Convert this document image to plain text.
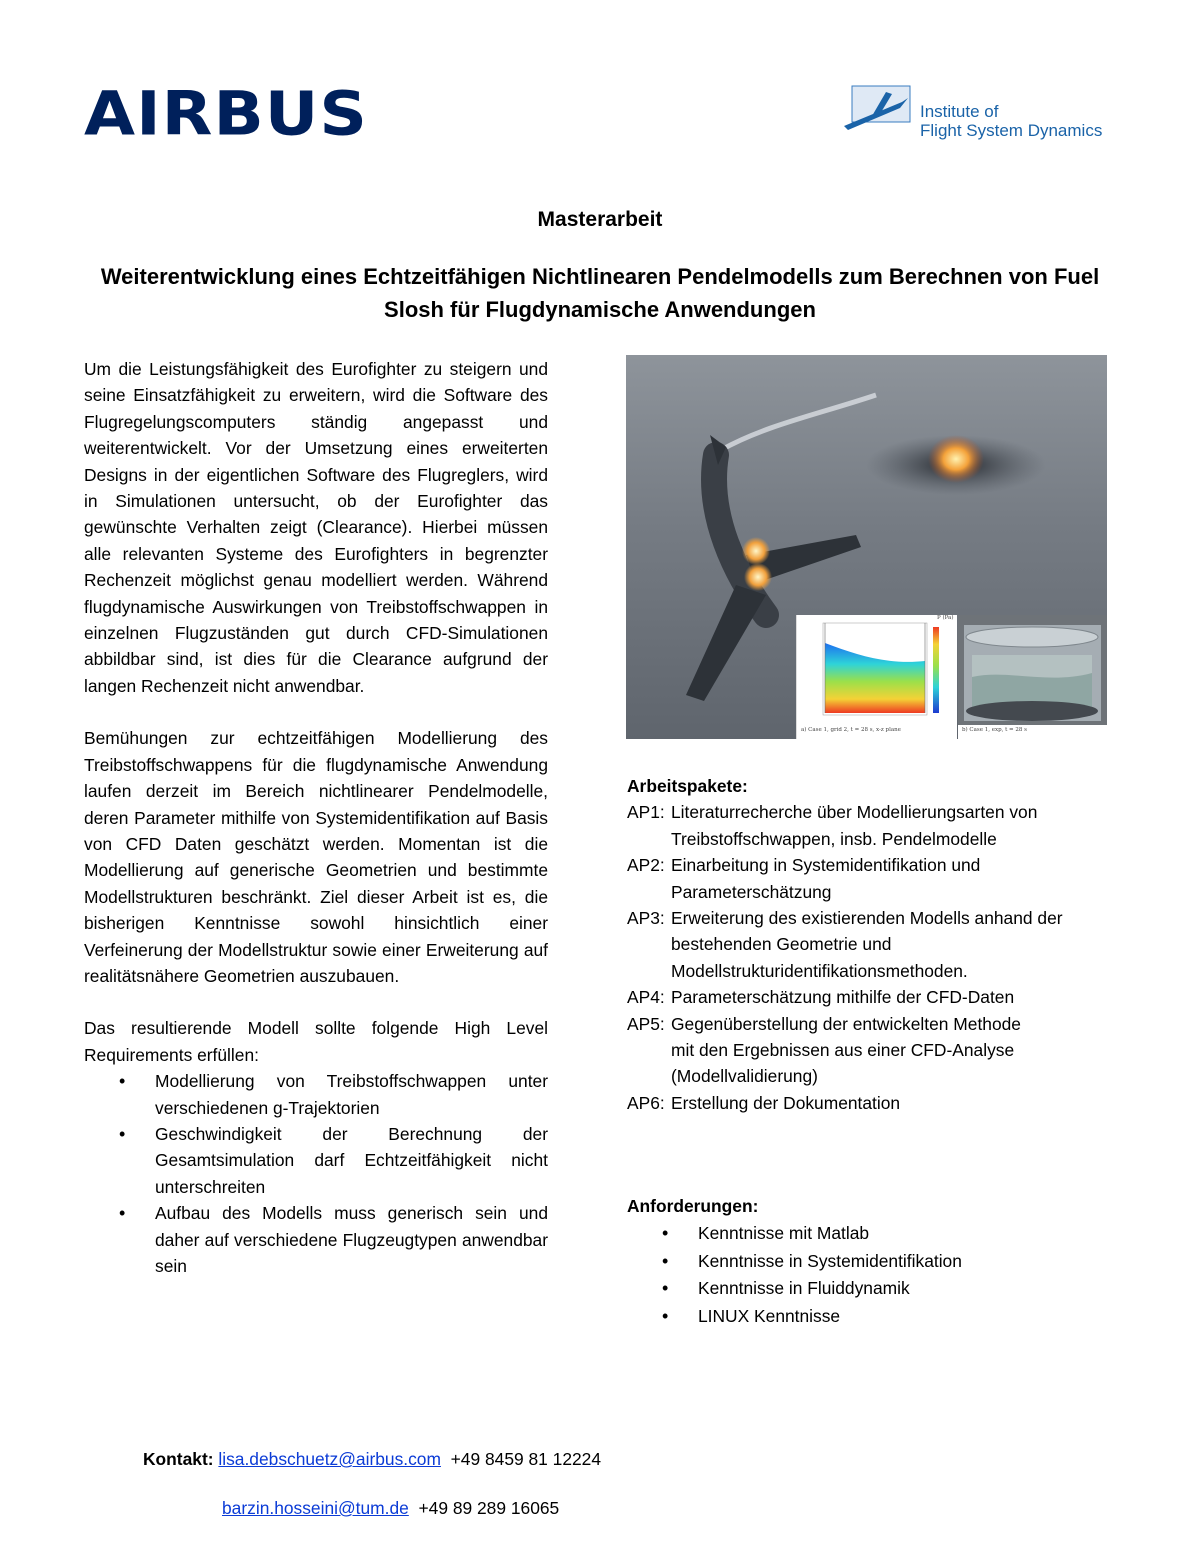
AIRBUS	Institute of
Flight System Dynamics
Masterarbeit
Weiterentwicklung eines Echtzeitfähigen Nichtlinearen Pendelmodells zum Berechnen von Fuel Slosh für Flugdynamische Anwendungen

Um die Leistungsfähigkeit des Eurofighter zu steigern und seine Einsatzfähigkeit zu erweitern, wird die Software des Flugregelungscomputers ständig angepasst und weiterentwickelt. Vor der Umsetzung eines erweiterten Designs in der eigentlichen Software des Flugreglers, wird in Simulationen untersucht, ob der Eurofighter das gewünschte Verhalten zeigt (Clearance). Hierbei müssen alle relevanten Systeme des Eurofighters in begrenzter Rechenzeit möglichst genau modelliert werden. Während flugdynamische Auswirkungen von Treibstoffschwappen in einzelnen Flugzuständen gut durch CFD-Simulationen abbildbar sind, ist dies für die Clearance aufgrund der langen Rechenzeit nicht anwendbar.

Bemühungen zur echtzeitfähigen Modellierung des Treibstoffschwappens für die flugdynamische Anwendung laufen derzeit im Bereich nichtlinearer Pendelmodelle, deren Parameter mithilfe von Systemidentifikation auf Basis von CFD Daten geschätzt werden. Momentan ist die Modellierung auf generische Geometrien und bestimmte Modellstrukturen beschränkt. Ziel dieser Arbeit ist es, die bisherigen Kenntnisse sowohl hinsichtlich einer Verfeinerung der Modellstruktur sowie einer Erweiterung auf realitätsnähere Geometrien auszubauen.

Das resultierende Modell sollte folgende High Level Requirements erfüllen:

• Modellierung von Treibstoffschwappen unter verschiedenen g-Trajektorien
• Geschwindigkeit der Berechnung der Gesamtsimulation darf Echtzeitfähigkeit nicht unterschreiten
• Aufbau des Modells muss generisch sein und daher auf verschiedene Flugzeugtypen anwendbar sein
P (Pa)
a) Case 1, grid 2, t = 28 s, x-z plane	b) Case 1, exp, t = 28 s

Arbeitspakete:

AP1: Literaturrecherche über Modellierungsarten von
Treibstoffschwappen, insb. Pendelmodelle
AP2: Einarbeitung in Systemidentifikation und
Parameterschätzung
AP3: Erweiterung des existierenden Modells anhand der
bestehenden Geometrie und
Modellstrukturidentifikationsmethoden.
AP4: Parameterschätzung mithilfe der CFD-Daten
AP5: Gegenüberstellung der entwickelten Methode
mit den Ergebnissen aus einer CFD-Analyse
(Modellvalidierung)
AP6: Erstellung der Dokumentation

Anforderungen:

• Kenntnisse mit Matlab
• Kenntnisse in Systemidentifikation
• Kenntnisse in Fluiddynamik
• LINUX Kenntnisse
Kontakt: lisa.debschuetz@airbus.com +49 8459 81 12224
barzin.hosseini@tum.de +49 89 289 16065
